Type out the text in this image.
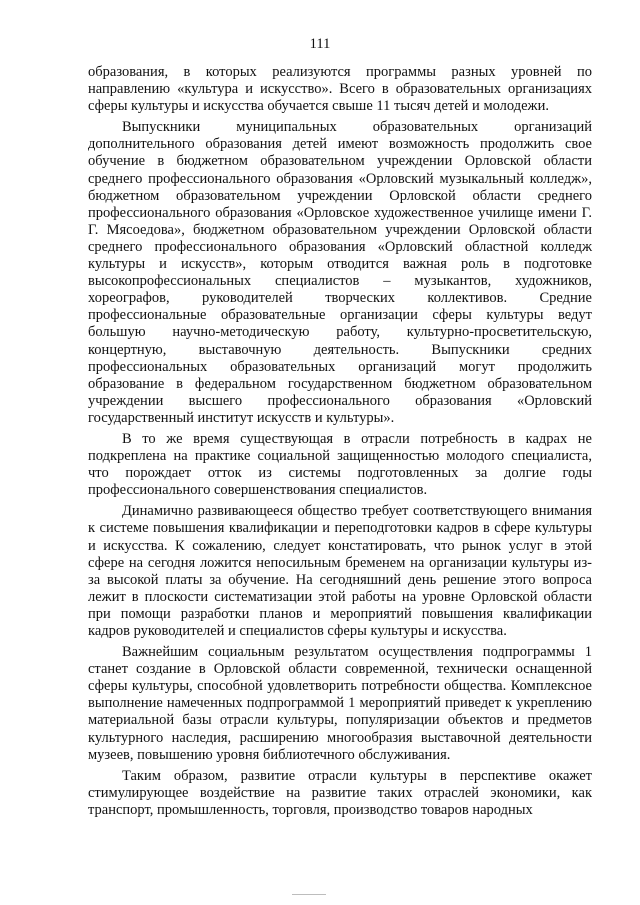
111

образования, в которых реализуются программы разных уровней по направлению «культура и искусство». Всего в образовательных организациях сферы культуры и искусства обучается свыше 11 тысяч детей и молодежи.

Выпускники муниципальных образовательных организаций дополнительного образования детей имеют возможность продолжить свое обучение в бюджетном образовательном учреждении Орловской области среднего профессионального образования «Орловский музыкальный колледж», бюджетном образовательном учреждении Орловской области среднего профессионального образования «Орловское художественное училище имени Г. Г. Мясоедова», бюджетном образовательном учреждении Орловской области среднего профессионального образования «Орловский областной колледж культуры и искусств», которым отводится важная роль в подготовке высокопрофессиональных специалистов – музыкантов, художников, хореографов, руководителей творческих коллективов. Средние профессиональные образовательные организации сферы культуры ведут большую научно-методическую работу, культурно-просветительскую, концертную, выставочную деятельность. Выпускники средних профессиональных образовательных организаций могут продолжить образование в федеральном государственном бюджетном образовательном учреждении высшего профессионального образования «Орловский государственный институт искусств и культуры».

В то же время существующая в отрасли потребность в кадрах не подкреплена на практике социальной защищенностью молодого специалиста, что порождает отток из системы подготовленных за долгие годы профессионального совершенствования специалистов.

Динамично развивающееся общество требует соответствующего внимания к системе повышения квалификации и переподготовки кадров в сфере культуры и искусства. К сожалению, следует констатировать, что рынок услуг в этой сфере на сегодня ложится непосильным бременем на организации культуры из-за высокой платы за обучение. На сегодняшний день решение этого вопроса лежит в плоскости систематизации этой работы на уровне Орловской области при помощи разработки планов и мероприятий повышения квалификации кадров руководителей и специалистов сферы культуры и искусства.

Важнейшим социальным результатом осуществления подпрограммы 1 станет создание в Орловской области современной, технически оснащенной сферы культуры, способной удовлетворить потребности общества. Комплексное выполнение намеченных подпрограммой 1 мероприятий приведет к укреплению материальной базы отрасли культуры, популяризации объектов и предметов культурного наследия, расширению многообразия выставочной деятельности музеев, повышению уровня библиотечного обслуживания.

Таким образом, развитие отрасли культуры в перспективе окажет стимулирующее воздействие на развитие таких отраслей экономики, как транспорт, промышленность, торговля, производство товаров народных
